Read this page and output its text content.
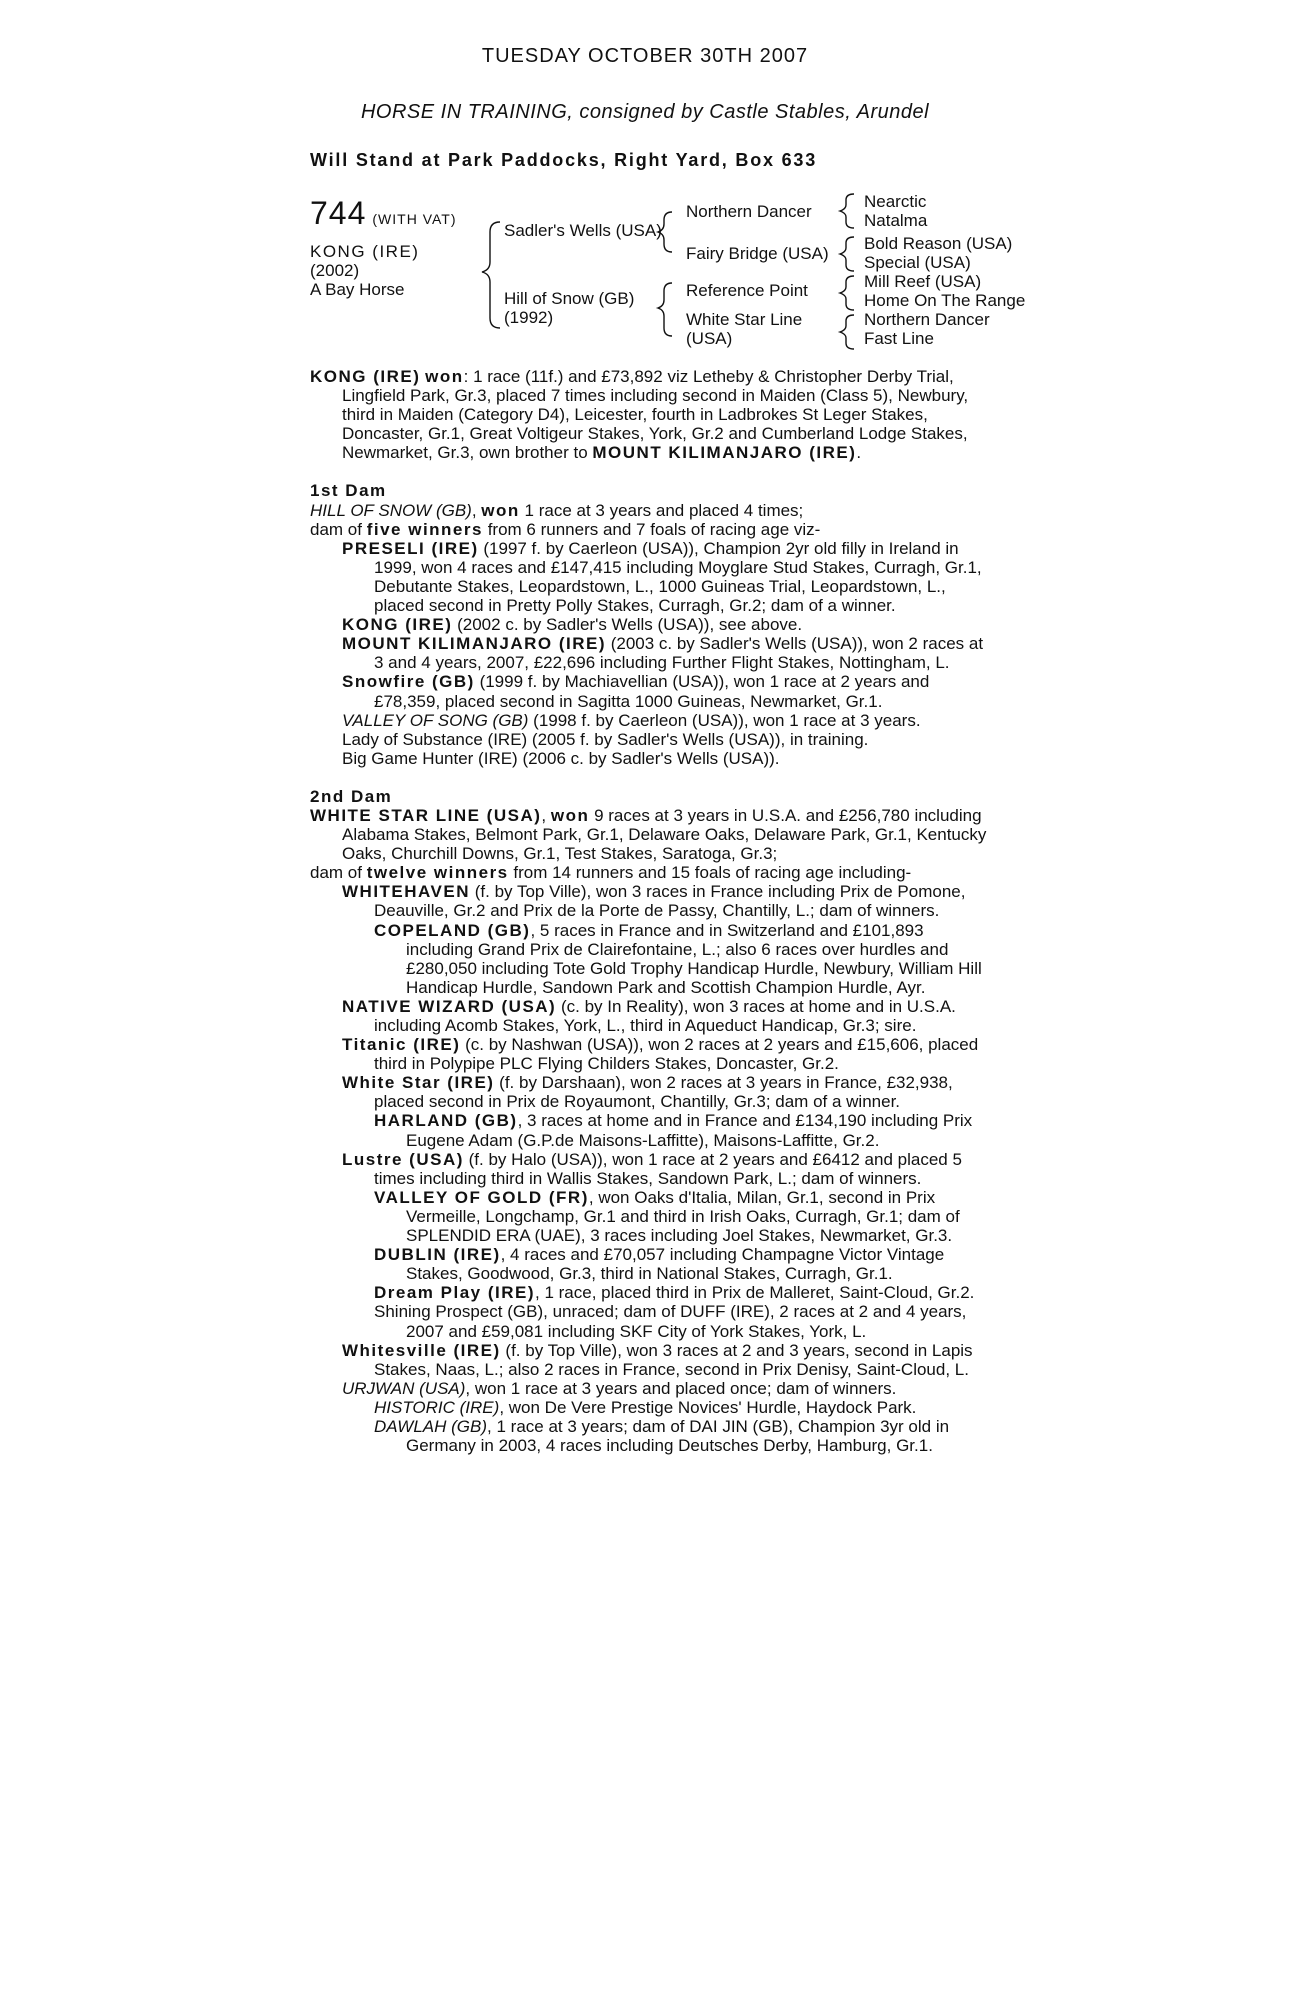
TUESDAY OCTOBER 30TH 2007
HORSE IN TRAINING, consigned by Castle Stables, Arundel
Will Stand at Park Paddocks, Right Yard, Box 633
744 (WITH VAT)
KONG (IRE)
(2002)
A Bay Horse
Sadler's Wells (USA)
Hill of Snow (GB)
(1992)
Northern Dancer
Fairy Bridge (USA)
Reference Point
White Star Line
(USA)
Nearctic
Natalma
Bold Reason (USA)
Special (USA)
Mill Reef (USA)
Home On The Range
Northern Dancer
Fast Line

KONG (IRE) won: 1 race (11f.) and £73,892 viz Letheby & Christopher Derby Trial, Lingfield Park, Gr.3, placed 7 times including second in Maiden (Class 5), Newbury, third in Maiden (Category D4), Leicester, fourth in Ladbrokes St Leger Stakes, Doncaster, Gr.1, Great Voltigeur Stakes, York, Gr.2 and Cumberland Lodge Stakes, Newmarket, Gr.3, own brother to MOUNT KILIMANJARO (IRE).

1st Dam

HILL OF SNOW (GB), won 1 race at 3 years and placed 4 times;

dam of five winners from 6 runners and 7 foals of racing age viz-

PRESELI (IRE) (1997 f. by Caerleon (USA)), Champion 2yr old filly in Ireland in 1999, won 4 races and £147,415 including Moyglare Stud Stakes, Curragh, Gr.1, Debutante Stakes, Leopardstown, L., 1000 Guineas Trial, Leopardstown, L., placed second in Pretty Polly Stakes, Curragh, Gr.2; dam of a winner.

KONG (IRE) (2002 c. by Sadler's Wells (USA)), see above.

MOUNT KILIMANJARO (IRE) (2003 c. by Sadler's Wells (USA)), won 2 races at 3 and 4 years, 2007, £22,696 including Further Flight Stakes, Nottingham, L.

Snowfire (GB) (1999 f. by Machiavellian (USA)), won 1 race at 2 years and £78,359, placed second in Sagitta 1000 Guineas, Newmarket, Gr.1.

VALLEY OF SONG (GB) (1998 f. by Caerleon (USA)), won 1 race at 3 years.

Lady of Substance (IRE) (2005 f. by Sadler's Wells (USA)), in training.

Big Game Hunter (IRE) (2006 c. by Sadler's Wells (USA)).

2nd Dam

WHITE STAR LINE (USA), won 9 races at 3 years in U.S.A. and £256,780 including Alabama Stakes, Belmont Park, Gr.1, Delaware Oaks, Delaware Park, Gr.1, Kentucky Oaks, Churchill Downs, Gr.1, Test Stakes, Saratoga, Gr.3;

dam of twelve winners from 14 runners and 15 foals of racing age including-

WHITEHAVEN (f. by Top Ville), won 3 races in France including Prix de Pomone, Deauville, Gr.2 and Prix de la Porte de Passy, Chantilly, L.; dam of winners.

COPELAND (GB), 5 races in France and in Switzerland and £101,893 including Grand Prix de Clairefontaine, L.; also 6 races over hurdles and £280,050 including Tote Gold Trophy Handicap Hurdle, Newbury, William Hill Handicap Hurdle, Sandown Park and Scottish Champion Hurdle, Ayr.

NATIVE WIZARD (USA) (c. by In Reality), won 3 races at home and in U.S.A. including Acomb Stakes, York, L., third in Aqueduct Handicap, Gr.3; sire.

Titanic (IRE) (c. by Nashwan (USA)), won 2 races at 2 years and £15,606, placed third in Polypipe PLC Flying Childers Stakes, Doncaster, Gr.2.

White Star (IRE) (f. by Darshaan), won 2 races at 3 years in France, £32,938, placed second in Prix de Royaumont, Chantilly, Gr.3; dam of a winner.

HARLAND (GB), 3 races at home and in France and £134,190 including Prix Eugene Adam (G.P.de Maisons-Laffitte), Maisons-Laffitte, Gr.2.

Lustre (USA) (f. by Halo (USA)), won 1 race at 2 years and £6412 and placed 5 times including third in Wallis Stakes, Sandown Park, L.; dam of winners.

VALLEY OF GOLD (FR), won Oaks d'Italia, Milan, Gr.1, second in Prix Vermeille, Longchamp, Gr.1 and third in Irish Oaks, Curragh, Gr.1; dam of SPLENDID ERA (UAE), 3 races including Joel Stakes, Newmarket, Gr.3.

DUBLIN (IRE), 4 races and £70,057 including Champagne Victor Vintage Stakes, Goodwood, Gr.3, third in National Stakes, Curragh, Gr.1.

Dream Play (IRE), 1 race, placed third in Prix de Malleret, Saint-Cloud, Gr.2.

Shining Prospect (GB), unraced; dam of DUFF (IRE), 2 races at 2 and 4 years, 2007 and £59,081 including SKF City of York Stakes, York, L.

Whitesville (IRE) (f. by Top Ville), won 3 races at 2 and 3 years, second in Lapis Stakes, Naas, L.; also 2 races in France, second in Prix Denisy, Saint-Cloud, L.

URJWAN (USA), won 1 race at 3 years and placed once; dam of winners.

HISTORIC (IRE), won De Vere Prestige Novices' Hurdle, Haydock Park.

DAWLAH (GB), 1 race at 3 years; dam of DAI JIN (GB), Champion 3yr old in Germany in 2003, 4 races including Deutsches Derby, Hamburg, Gr.1.
